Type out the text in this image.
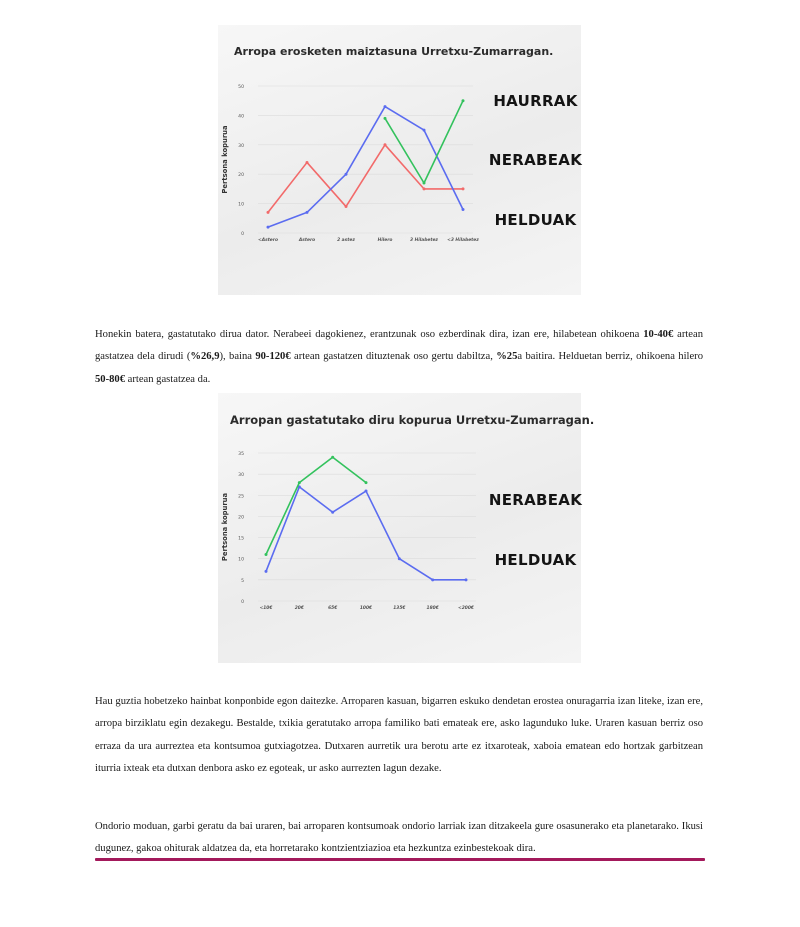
Arropa erosketen maiztasuna Urretxu-Zumarragan.
0
10
20
30
40
50
<Astero	Astero	2 astez	Hilero	3 Hilabetez <3 Hilabetez
Pertsona kopurua
HAURRAK
NERABEAK
HELDUAK

Honekin batera, gastatutako dirua dator. Nerabeei dagokienez, erantzunak oso ezberdinak dira, izan ere, hilabetean ohikoena 10-40€ artean gastatzea dela dirudi (%26,9), baina 90-120€ artean gastatzen dituztenak oso gertu dabiltza, %25a baitira. Helduetan berriz, ohikoena hilero 50-80€ artean gastatzea da.

Arropan gastatutako diru kopurua Urretxu-Zumarragan.
0
5
10
15
20
25
30
35
<10€	20€	65€	100€	135€	180€	<200€
Pertsona kopurua	NERABEAK
HELDUAK

Hau guztia hobetzeko hainbat konponbide egon daitezke. Arroparen kasuan, bigarren eskuko dendetan erostea onuragarria izan liteke, izan ere, arropa birziklatu egin dezakegu. Bestalde, txikia geratutako arropa familiko bati emateak ere, asko lagunduko luke. Uraren kasuan berriz oso erraza da ura aurreztea eta kontsumoa gutxiagotzea. Dutxaren aurretik ura berotu arte ez itxaroteak, xaboia ematean edo hortzak garbitzean iturria ixteak eta dutxan denbora asko ez egoteak, ur asko aurrezten lagun dezake.

Ondorio moduan, garbi geratu da bai uraren, bai arroparen kontsumoak ondorio larriak izan ditzakeela gure osasunerako eta planetarako. Ikusi dugunez, gakoa ohiturak aldatzea da, eta horretarako kontzientziazioa eta hezkuntza ezinbestekoak dira.
